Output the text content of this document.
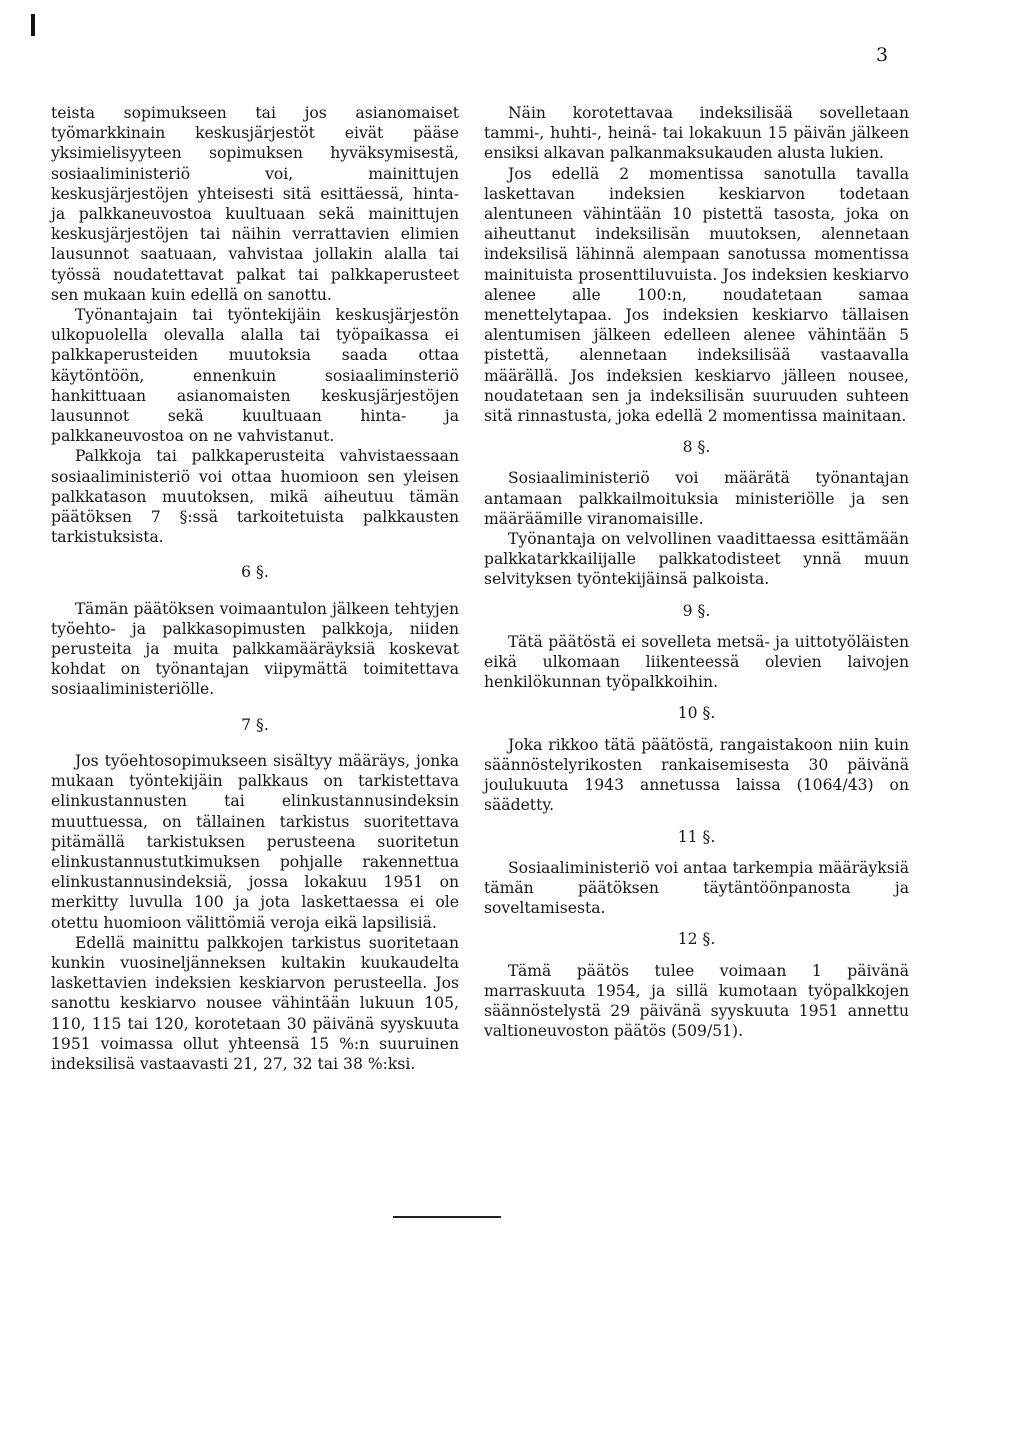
3

teista sopimukseen tai jos asianomaiset työmarkkinain keskusjärjestöt eivät pääse yksimielisyyteen sopimuksen hyväksymisestä, sosiaaliministeriö voi, mainittujen keskusjärjestöjen yhteisesti sitä esittäessä, hinta- ja palkkaneuvostoa kuultuaan sekä mainittujen keskusjärjestöjen tai näihin verrattavien elimien lausunnot saatuaan, vahvistaa jollakin alalla tai työssä noudatettavat palkat tai palkkaperusteet sen mukaan kuin edellä on sanottu.

Työnantajain tai työntekijäin keskusjärjestön ulkopuolella olevalla alalla tai työpaikassa ei palkkaperusteiden muutoksia saada ottaa käytöntöön, ennenkuin sosiaaliminsteriö hankittuaan asianomaisten keskusjärjestöjen lausunnot sekä kuultuaan hinta- ja palkkaneuvostoa on ne vahvistanut.

Palkkoja tai palkkaperusteita vahvistaessaan sosiaaliministeriö voi ottaa huomioon sen yleisen palkkatason muutoksen, mikä aiheutuu tämän päätöksen 7 §:ssä tarkoitetuista palkkausten tarkistuksista.

6 §.

Tämän päätöksen voimaantulon jälkeen tehtyjen työehto- ja palkkasopimusten palkkoja, niiden perusteita ja muita palkkamääräyksiä koskevat kohdat on työnantajan viipymättä toimitettava sosiaaliministeriölle.

7 §.

Jos työehtosopimukseen sisältyy määräys, jonka mukaan työntekijäin palkkaus on tarkistettava elinkustannusten tai elinkustannusindeksin muuttuessa, on tällainen tarkistus suoritettava pitämällä tarkistuksen perusteena suoritetun elinkustannustutkimuksen pohjalle rakennettua elinkustannusindeksiä, jossa lokakuu 1951 on merkitty luvulla 100 ja jota laskettaessa ei ole otettu huomioon välittömiä veroja eikä lapsilisiä.

Edellä mainittu palkkojen tarkistus suoritetaan kunkin vuosineljänneksen kultakin kuukaudelta laskettavien indeksien keskiarvon perusteella. Jos sanottu keskiarvo nousee vähintään lukuun 105, 110, 115 tai 120, korotetaan 30 päivänä syyskuuta 1951 voimassa ollut yhteensä 15 %:n suuruinen indeksilisä vastaavasti 21, 27, 32 tai 38 %:ksi.

Näin korotettavaa indeksilisää sovelletaan tammi-, huhti-, heinä- tai lokakuun 15 päivän jälkeen ensiksi alkavan palkanmaksukauden alusta lukien.

Jos edellä 2 momentissa sanotulla tavalla laskettavan indeksien keskiarvon todetaan alentuneen vähintään 10 pistettä tasosta, joka on aiheuttanut indeksilisän muutoksen, alennetaan indeksilisä lähinnä alempaan sanotussa momentissa mainituista prosenttiluvuista. Jos indeksien keskiarvo alenee alle 100:n, noudatetaan samaa menettelytapaa. Jos indeksien keskiarvo tällaisen alentumisen jälkeen edelleen alenee vähintään 5 pistettä, alennetaan indeksilisää vastaavalla määrällä. Jos indeksien keskiarvo jälleen nousee, noudatetaan sen ja indeksilisän suuruuden suhteen sitä rinnastusta, joka edellä 2 momentissa mainitaan.

8 §.

Sosiaaliministeriö voi määrätä työnantajan antamaan palkkailmoituksia ministeriölle ja sen määräämille viranomaisille.

Työnantaja on velvollinen vaadittaessa esittämään palkkatarkkailijalle palkkatodisteet ynnä muun selvityksen työntekijäinsä palkoista.

9 §.

Tätä päätöstä ei sovelleta metsä- ja uittotyöläisten eikä ulkomaan liikenteessä olevien laivojen henkilökunnan työpalkkoihin.

10 §.

Joka rikkoo tätä päätöstä, rangaistakoon niin kuin säännöstelyrikosten rankaisemisesta 30 päivänä joulukuuta 1943 annetussa laissa (1064/43) on säädetty.

11 §.

Sosiaaliministeriö voi antaa tarkempia määräyksiä tämän päätöksen täytäntöönpanosta ja soveltamisesta.

12 §.

Tämä päätös tulee voimaan 1 päivänä marraskuuta 1954, ja sillä kumotaan työpalkkojen säännöstelystä 29 päivänä syyskuuta 1951 annettu valtioneuvoston päätös (509/51).
